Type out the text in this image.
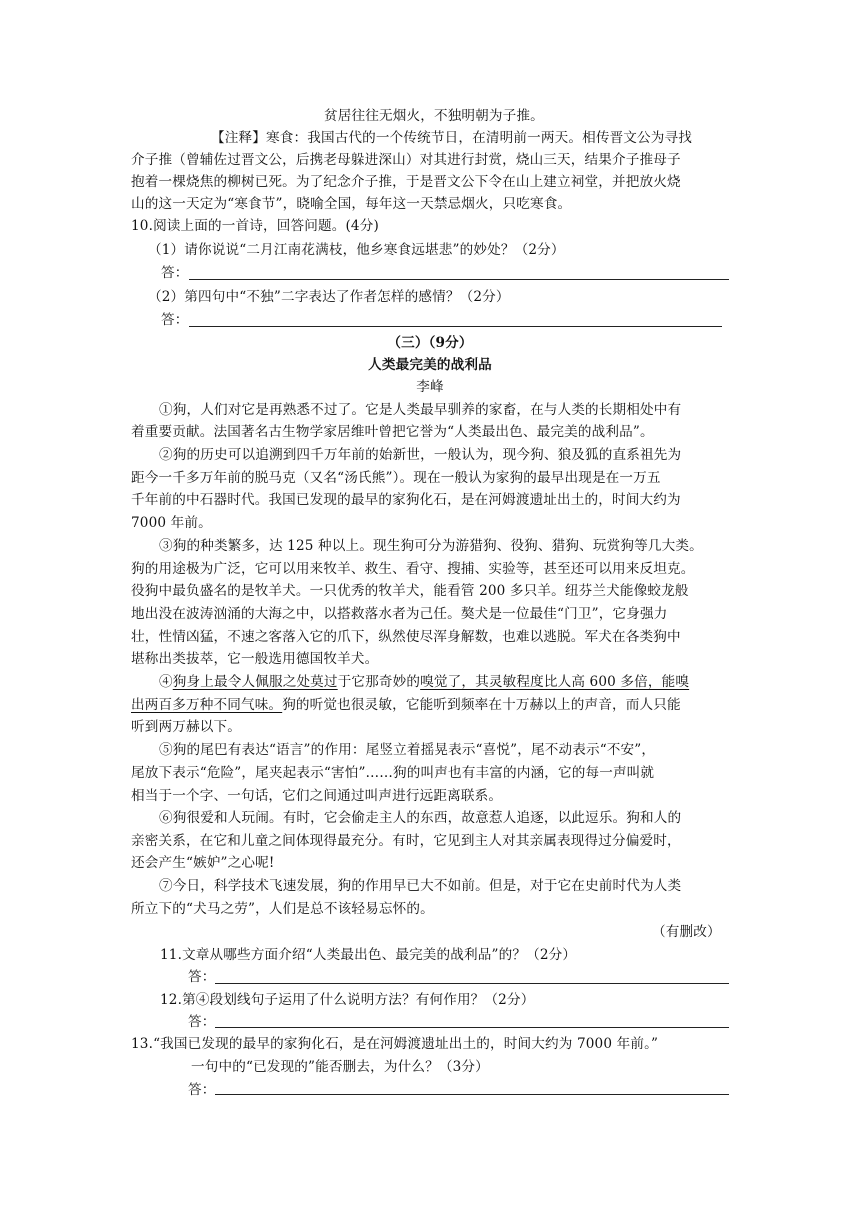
贫居往往无烟火，不独明朝为子推。
【注释】寒食：我国古代的一个传统节日，在清明前一两天。相传晋文公为寻找
介子推（曾辅佐过晋文公，后携老母躲进深山）对其进行封赏，烧山三天，结果介子推母子
抱着一棵烧焦的柳树已死。为了纪念介子推，于是晋文公下令在山上建立祠堂，并把放火烧
山的这一天定为“寒食节”，晓喻全国，每年这一天禁忌烟火，只吃寒食。
10.阅读上面的一首诗，回答问题。(4分)
（1）请你说说“二月江南花满枝，他乡寒食远堪悲”的妙处？（2分）
答：
（2）第四句中“不独”二字表达了作者怎样的感情？（2分）
答：
（三）（9分）
人类最完美的战利品
李峰
①狗，人们对它是再熟悉不过了。它是人类最早驯养的家畜，在与人类的长期相处中有
着重要贡献。法国著名古生物学家居维叶曾把它誉为“人类最出色、最完美的战利品”。
②狗的历史可以追溯到四千万年前的始新世，一般认为，现今狗、狼及狐的直系祖先为
距今一千多万年前的脱马克（又名“汤氏熊”）。现在一般认为家狗的最早出现是在一万五
千年前的中石器时代。我国已发现的最早的家狗化石，是在河姆渡遗址出土的，时间大约为
7000 年前。
③狗的种类繁多，达 125 种以上。现生狗可分为游猎狗、役狗、猎狗、玩赏狗等几大类。
狗的用途极为广泛，它可以用来牧羊、救生、看守、搜捕、实验等，甚至还可以用来反坦克。
役狗中最负盛名的是牧羊犬。一只优秀的牧羊犬，能看管 200 多只羊。纽芬兰犬能像蛟龙般
地出没在波涛汹涌的大海之中，以搭救落水者为己任。獒犬是一位最佳“门卫”，它身强力
壮，性情凶猛，不速之客落入它的爪下，纵然使尽浑身解数，也难以逃脱。军犬在各类狗中
堪称出类拔萃，它一般选用德国牧羊犬。
④狗身上最令人佩服之处莫过于它那奇妙的嗅觉了，其灵敏程度比人高 600 多倍，能嗅
出两百多万种不同气味。狗的听觉也很灵敏，它能听到频率在十万赫以上的声音，而人只能
听到两万赫以下。
⑤狗的尾巴有表达“语言”的作用：尾竖立着摇晃表示“喜悦”，尾不动表示“不安”，
尾放下表示“危险”，尾夹起表示“害怕”……狗的叫声也有丰富的内涵，它的每一声叫就
相当于一个字、一句话，它们之间通过叫声进行远距离联系。
⑥狗很爱和人玩闹。有时，它会偷走主人的东西，故意惹人追逐，以此逗乐。狗和人的
亲密关系，在它和儿童之间体现得最充分。有时，它见到主人对其亲属表现得过分偏爱时，
还会产生“嫉妒”之心呢!
⑦今日，科学技术飞速发展，狗的作用早已大不如前。但是，对于它在史前时代为人类
所立下的“犬马之劳”，人们是总不该轻易忘怀的。
（有删改）
11.文章从哪些方面介绍“人类最出色、最完美的战利品”的？（2分）
答：
12.第④段划线句子运用了什么说明方法？有何作用？（2分）
答：
13.“我国已发现的最早的家狗化石，是在河姆渡遗址出土的，时间大约为 7000 年前。”
一句中的“已发现的”能否删去，为什么？（3分）
答：
